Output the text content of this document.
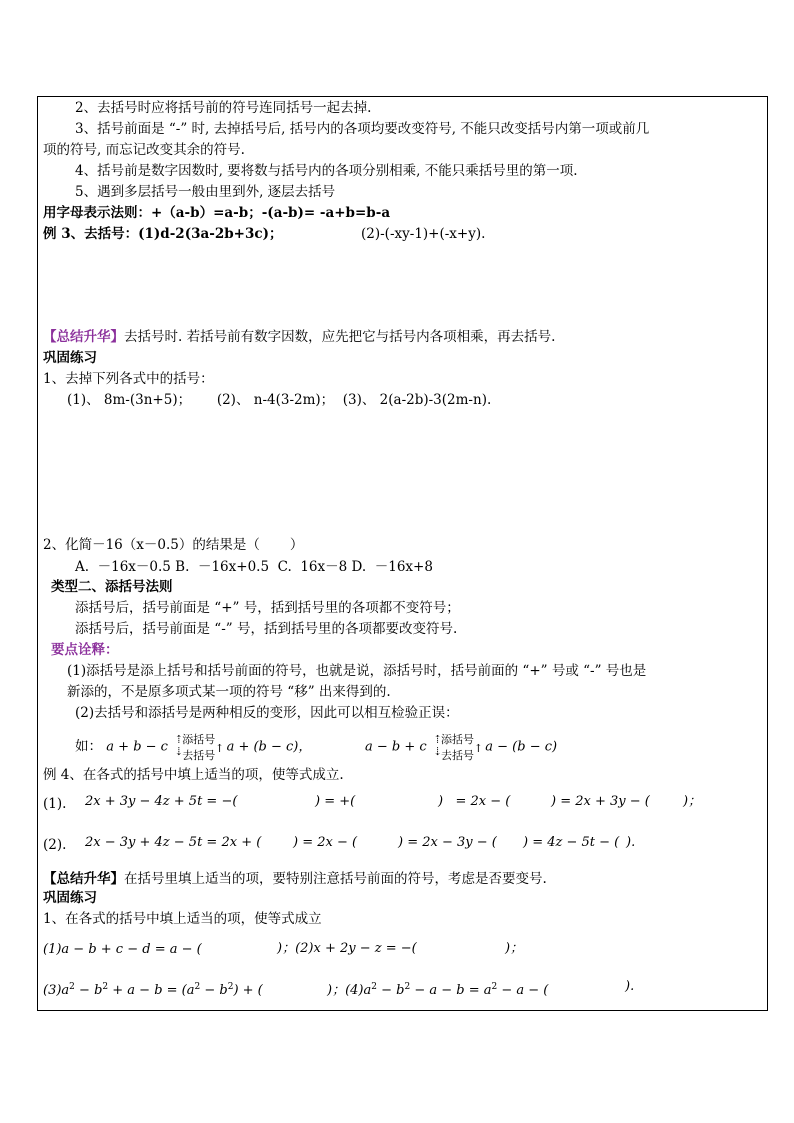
2、去括号时应将括号前的符号连同括号一起去掉.
3、括号前面是 “-” 时, 去掉括号后, 括号内的各项均要改变符号, 不能只改变括号内第一项或前几
项的符号, 而忘记改变其余的符号.
4、括号前是数字因数时, 要将数与括号内的各项分别相乘, 不能只乘括号里的第一项.
5、遇到多层括号一般由里到外, 逐层去括号
用字母表示法则：+（a-b）=a-b；-(a-b)= -a+b=b-a
例 3、去括号：(1)d-2(3a-2b+3c)；	(2)-(-xy-1)+(-x+y).
【总结升华】去括号时. 若括号前有数字因数，应先把它与括号内各项相乘，再去括号.
巩固练习
1、去掉下列各式中的括号：
(1)、 8m-(3n+5)；      (2)、 n-4(3-2m)；  (3)、 2(a-2b)-3(2m-n).
2、化简－16（x－0.5）的结果是（       ）
A.  －16x－0.5 B.  －16x+0.5  C.  16x－8 D.  －16x+8
类型二、添括号法则
添括号后，括号前面是 “+” 号，括到括号里的各项都不变符号；
添括号后，括号前面是 “-” 号，括到括号里的各项都要改变符号.
要点诠释：
(1)添括号是添上括号和括号前面的符号，也就是说，添括号时，括号前面的 “+” 号或 “-” 号也是
新添的，不是原多项式某一项的符号 “移” 出来得到的.
(2)去括号和添括号是两种相反的变形，因此可以相互检验正误：
如： a + b − c ⇡
⇣
添括号
去括号
↑ a + (b − c)，	a − b + c ⇡
⇣
添括号
去括号
↑ a − (b − c)
例 4、在各式的括号中填上适当的项，使等式成立.
(1). 2x + 3y − 4z + 5t = −(	) = +(	)   = 2x − (	) = 2x + 3y − (	)；
(2). 2x − 3y + 4z − 5t = 2x + ( ) = 2x − (	) = 2x − 3y − ( ) = 4z − 5t − ( ).
【总结升华】在括号里填上适当的项，要特别注意括号前面的符号，考虑是否要变号.
巩固练习
1、在各式的括号中填上适当的项，使等式成立
(1)a − b + c − d = a − (	)；(2)x + 2y − z = −(	)；
$(3)a^2 - b^2 + a - b = (a^2 - b^2)$ + (	)；$(4)a^2 - b^2 - a - b = a^2 - a$ − (	).
